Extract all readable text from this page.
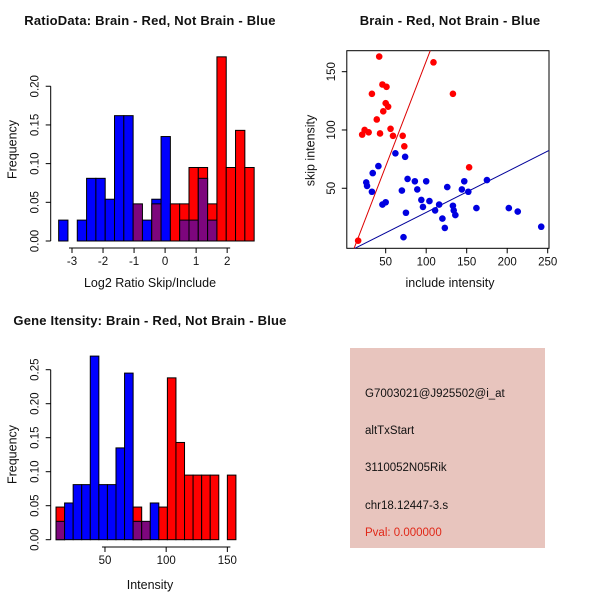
0.00
0.05
0.10
0.15
0.20
-3 -2 -1 0 1 2
RatioData: Brain - Red, Not Brain - Blue
Frequency
Log2 Ratio Skip/Include
50 100 150 200 250
50
100
150
Brain - Red, Not Brain - Blue
skip intensity
include intensity
0.00
0.05
0.10
0.15
0.20
0.25
50	100	150
Gene Itensity: Brain - Red, Not Brain - Blue
Frequency
Intensity
G7003021@J925502@i_at
altTxStart
3110052N05Rik
chr18.12447-3.s
Pval: 0.000000
